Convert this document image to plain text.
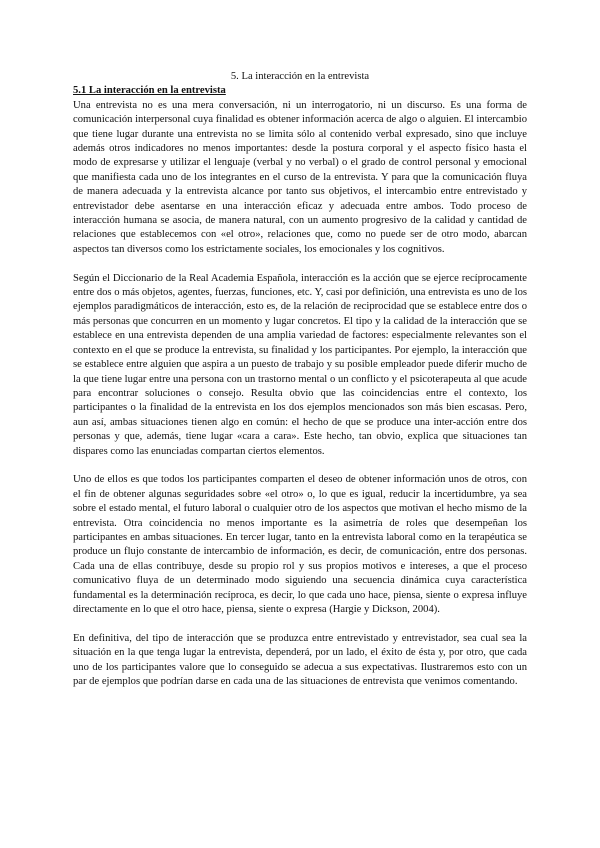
5. La interacción en la entrevista
5.1 La interacción en la entrevista

Una entrevista no es una mera conversación, ni un interrogatorio, ni un discurso. Es una forma de comunicación interpersonal cuya finalidad es obtener información acerca de algo o alguien. El intercambio que tiene lugar durante una entrevista no se limita sólo al contenido verbal expresado, sino que incluye además otros indicadores no menos importantes: desde la postura corporal y el aspecto físico hasta el modo de expresarse y utilizar el lenguaje (verbal y no verbal) o el grado de control personal y emocional que manifiesta cada uno de los integrantes en el curso de la entrevista. Y para que la comunicación fluya de manera adecuada y la entrevista alcance por tanto sus objetivos, el intercambio entre entrevistado y entrevistador debe asentarse en una interacción eficaz y adecuada entre ambos. Todo proceso de interacción humana se asocia, de manera natural, con un aumento progresivo de la calidad y cantidad de relaciones que establecemos con «el otro», relaciones que, como no puede ser de otro modo, abarcan aspectos tan diversos como los estrictamente sociales, los emocionales y los cognitivos.

Según el Diccionario de la Real Academia Española, interacción es la acción que se ejerce recíprocamente entre dos o más objetos, agentes, fuerzas, funciones, etc. Y, casi por definición, una entrevista es uno de los ejemplos paradigmáticos de interacción, esto es, de la relación de reciprocidad que se establece entre dos o más personas que concurren en un momento y lugar concretos. El tipo y la calidad de la interacción que se establece en una entrevista dependen de una amplia variedad de factores: especialmente relevantes son el contexto en el que se produce la entrevista, su finalidad y los participantes. Por ejemplo, la interacción que se establece entre alguien que aspira a un puesto de trabajo y su posible empleador puede diferir mucho de la que tiene lugar entre una persona con un trastorno mental o un conflicto y el psicoterapeuta al que acude para encontrar soluciones o consejo. Resulta obvio que las coincidencias entre el contexto, los participantes o la finalidad de la entrevista en los dos ejemplos mencionados son más bien escasas. Pero, aun así, ambas situaciones tienen algo en común: el hecho de que se produce una inter-acción entre dos personas y que, además, tiene lugar «cara a cara». Este hecho, tan obvio, explica que situaciones tan dispares como las enunciadas compartan ciertos elementos.

Uno de ellos es que todos los participantes comparten el deseo de obtener información unos de otros, con el fin de obtener algunas seguridades sobre «el otro» o, lo que es igual, reducir la incertidumbre, ya sea sobre el estado mental, el futuro laboral o cualquier otro de los aspectos que motivan el hecho mismo de la entrevista. Otra coincidencia no menos importante es la asimetría de roles que desempeñan los participantes en ambas situaciones. En tercer lugar, tanto en la entrevista laboral como en la terapéutica se produce un flujo constante de intercambio de información, es decir, de comunicación, entre dos personas. Cada una de ellas contribuye, desde su propio rol y sus propios motivos e intereses, a que el proceso comunicativo fluya de un determinado modo siguiendo una secuencia dinámica cuya característica fundamental es la determinación recíproca, es decir, lo que cada uno hace, piensa, siente o expresa influye directamente en lo que el otro hace, piensa, siente o expresa (Hargie y Dickson, 2004).

En definitiva, del tipo de interacción que se produzca entre entrevistado y entrevistador, sea cual sea la situación en la que tenga lugar la entrevista, dependerá, por un lado, el éxito de ésta y, por otro, que cada uno de los participantes valore que lo conseguido se adecua a sus expectativas. Ilustraremos esto con un par de ejemplos que podrían darse en cada una de las situaciones de entrevista que venimos comentando.
